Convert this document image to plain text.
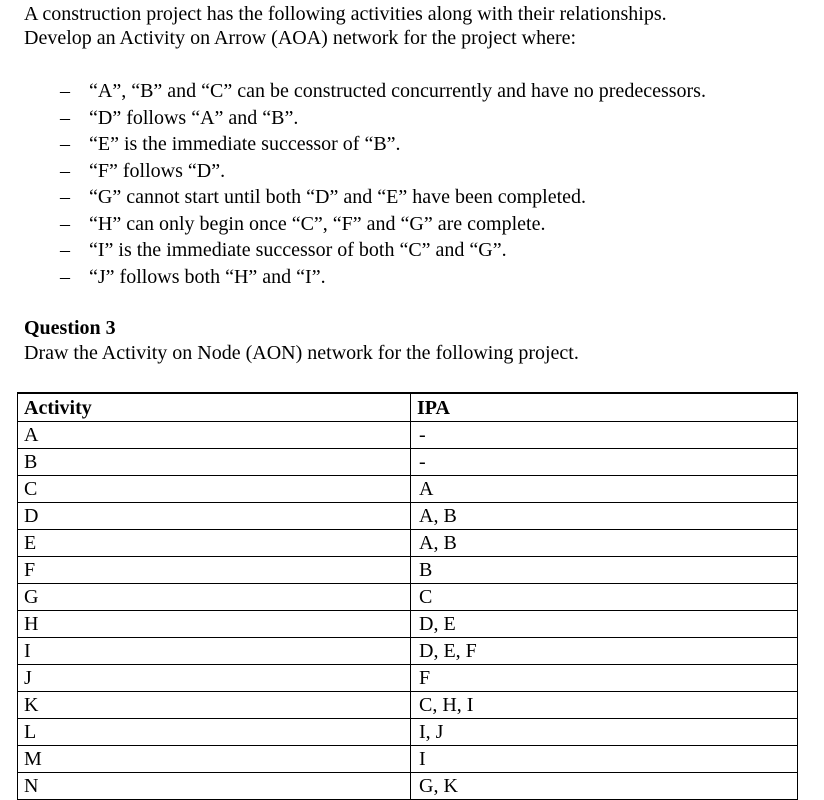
A construction project has the following activities along with their relationships.
Develop an Activity on Arrow (AOA) network for the project where:
– “A”, “B” and “C” can be constructed concurrently and have no predecessors.
– “D” follows “A” and “B”.
– “E” is the immediate successor of “B”.
– “F” follows “D”.
– “G” cannot start until both “D” and “E” have been completed.
– “H” can only begin once “C”, “F” and “G” are complete.
– “I” is the immediate successor of both “C” and “G”.
– “J” follows both “H” and “I”.
Question 3
Draw the Activity on Node (AON) network for the following project.
Activity	IPA
A	-
B	-
C	A
D	A, B
E	A, B
F	B
G	C
H	D, E
I	D, E, F
J	F
K	C, H, I
L	I, J
M	I
N	G, K
